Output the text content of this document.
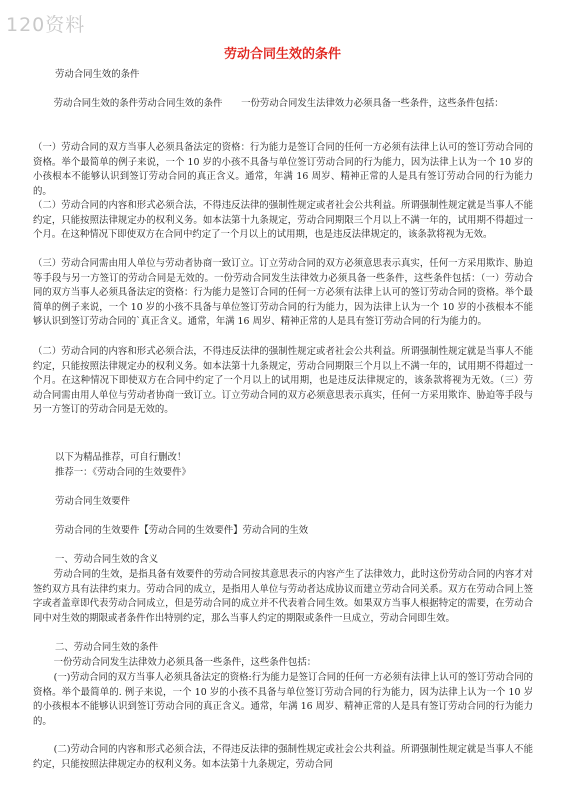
120资料
劳动合同生效的条件

劳动合同生效的条件

劳动合同生效的条件劳动合同生效的条件　　一份劳动合同发生法律效力必须具备一些条件，这些条件包括：

（一）劳动合同的双方当事人必须具备法定的资格：行为能力是签订合同的任何一方必须有法律上认可的签订劳动合同的资格。举个最简单的例子来说，一个 10 岁的小孩不具备与单位签订劳动合同的行为能力，因为法律上认为一个 10 岁的小孩根本不能够认识到签订劳动合同的真正含义。通常，年满 16 周岁、精神正常的人是具有签订劳动合同的行为能力的。

（二）劳动合同的内容和形式必须合法，不得违反法律的强制性规定或者社会公共利益。所谓强制性规定就是当事人不能约定，只能按照法律规定办的权利义务。如本法第十九条规定，劳动合同期限三个月以上不满一年的，试用期不得超过一个月。在这种情况下即使双方在合同中约定了一个月以上的试用期，也是违反法律规定的，该条款将视为无效。

（三）劳动合同需由用人单位与劳动者协商一致订立。订立劳动合同的双方必须意思表示真实，任何一方采用欺诈、胁迫等手段与另一方签订的劳动合同是无效的。一份劳动合同发生法律效力必须具备一些条件，这些条件包括：（一）劳动合同的双方当事人必须具备法定的资格：行为能力是签订合同的任何一方必须有法律上认可的签订劳动合同的资格。举个最简单的例子来说，一个 10 岁的小孩不具备与单位签订劳动合同的行为能力，因为法律上认为一个 10 岁的小孩根本不能够认识到签订劳动合同的`真正含义。通常，年满 16 周岁、精神正常的人是具有签订劳动合同的行为能力的。

（二）劳动合同的内容和形式必须合法，不得违反法律的强制性规定或者社会公共利益。所谓强制性规定就是当事人不能约定，只能按照法律规定办的权利义务。如本法第十九条规定，劳动合同期限三个月以上不满一年的，试用期不得超过一个月。在这种情况下即使双方在合同中约定了一个月以上的试用期，也是违反法律规定的，该条款将视为无效。（三）劳动合同需由用人单位与劳动者协商一致订立。订立劳动合同的双方必须意思表示真实，任何一方采用欺诈、胁迫等手段与另一方签订的劳动合同是无效的。

以下为精品推荐，可自行删改！

推荐一：《劳动合同的生效要件》

劳动合同生效要件

劳动合同的生效要件【劳动合同的生效要件】劳动合同的生效

一、劳动合同生效的含义

劳动合同的生效，是指具备有效要件的劳动合同按其意思表示的内容产生了法律效力，此时这份劳动合同的内容才对签约双方具有法律约束力。劳动合同的成立，是指用人单位与劳动者达成协议而建立劳动合同关系。双方在劳动合同上签字或者盖章即代表劳动合同成立，但是劳动合同的成立并不代表着合同生效。如果双方当事人根据特定的需要，在劳动合同中对生效的期限或者条件作出特别约定，那么当事人约定的期限或条件一旦成立，劳动合同即生效。

二、劳动合同生效的条件

一份劳动合同发生法律效力必须具备一些条件，这些条件包括：

(一)劳动合同的双方当事人必须具备法定的资格:行为能力是签订合同的任何一方必须有法律上认可的签订劳动合同的资格。举个最简单的. 例子来说，一个 10 岁的小孩不具备与单位签订劳动合同的行为能力，因为法律上认为一个 10 岁的小孩根本不能够认识到签订劳动合同的真正含义。通常，年满 16 周岁、精神正常的人是具有签订劳动合同的行为能力的。

(二)劳动合同的内容和形式必须合法，不得违反法律的强制性规定或社会公共利益。所谓强制性规定就是当事人不能约定，只能按照法律规定办的权利义务。如本法第十九条规定，劳动合同
